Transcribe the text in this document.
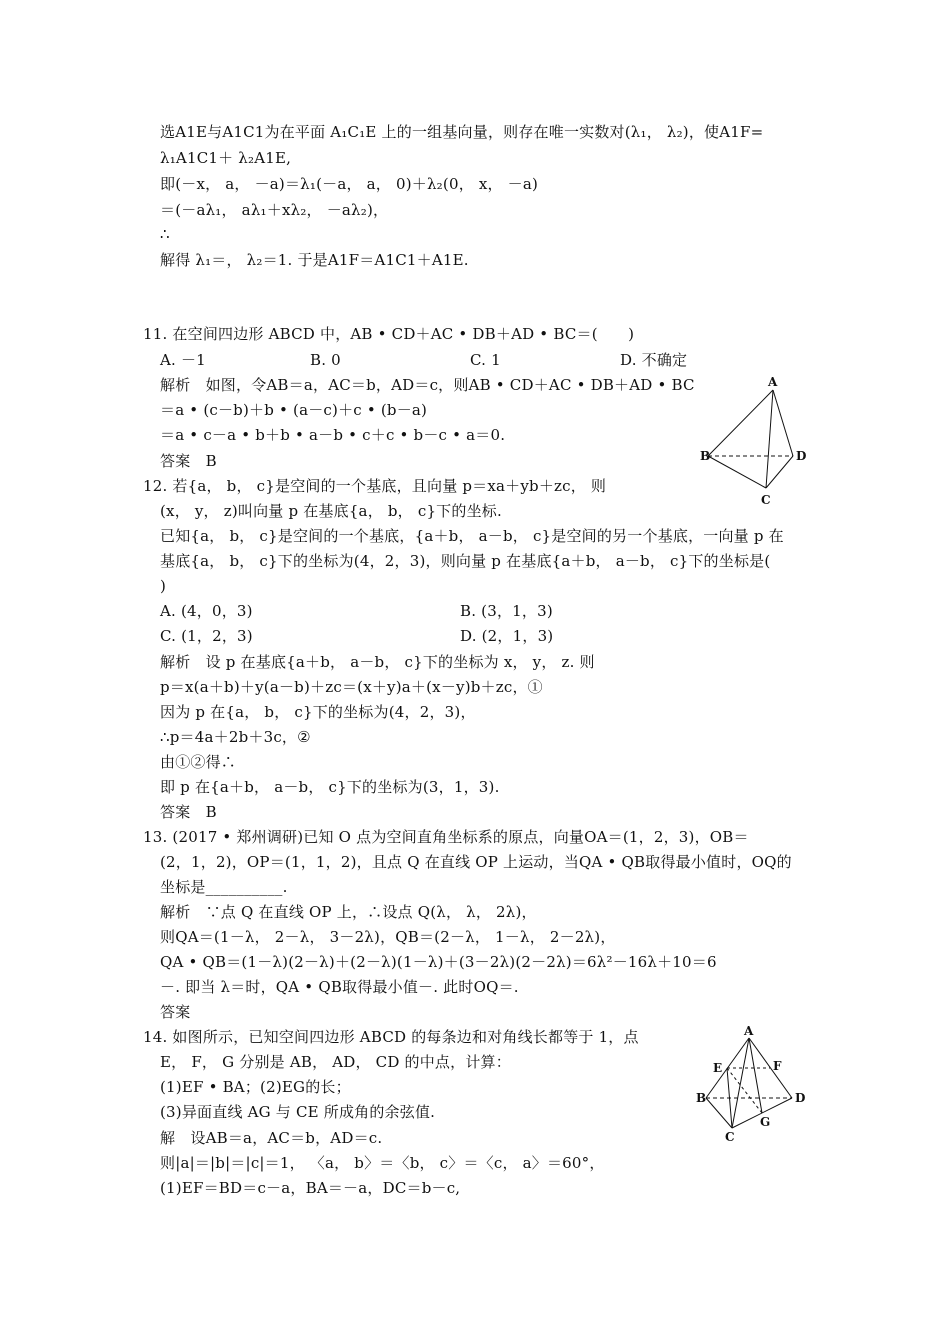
选A1E与A1C1为在平面 A₁C₁E 上的一组基向量，则存在唯一实数对(λ₁， λ₂)，使A1F=
λ₁A1C1＋ λ₂A1E,
即(－x， a， －a)＝λ₁(－a， a， 0)＋λ₂(0， x， －a)
＝(－aλ₁， aλ₁＋xλ₂， －aλ₂)，
∴
解得 λ₁＝， λ₂＝1. 于是A1F＝A1C1＋A1E.
11. 在空间四边形 ABCD 中，AB • CD＋AC • DB＋AD • BC＝(　　)
A. －1	B. 0	C. 1	D. 不确定
解析　如图，令AB＝a，AC＝b，AD＝c，则AB • CD＋AC • DB＋AD • BC
＝a • (c－b)＋b • (a－c)＋c • (b－a)
＝a • c－a • b＋b • a－b • c＋c • b－c • a＝0.
答案　B
A
B
C
D
12. 若{a， b， c}是空间的一个基底，且向量 p＝xa＋yb＋zc， 则
(x， y， z)叫向量 p 在基底{a， b， c}下的坐标.
已知{a， b， c}是空间的一个基底，{a＋b， a－b， c}是空间的另一个基底，一向量 p 在
基底{a， b， c}下的坐标为(4，2，3)，则向量 p 在基底{a＋b， a－b， c}下的坐标是(
)
A. (4，0，3)	B. (3，1，3)
C. (1，2，3)	D. (2，1，3)
解析　设 p 在基底{a＋b， a－b， c}下的坐标为 x， y， z. 则
p＝x(a＋b)＋y(a－b)＋zc＝(x＋y)a＋(x－y)b＋zc，①
因为 p 在{a， b， c}下的坐标为(4，2，3)，
∴p＝4a＋2b＋3c，②
由①②得∴
即 p 在{a＋b， a－b， c}下的坐标为(3，1，3).
答案　B
13. (2017 • 郑州调研)已知 O 点为空间直角坐标系的原点，向量OA＝(1，2，3)，OB＝
(2，1，2)，OP＝(1，1，2)，且点 Q 在直线 OP 上运动，当QA • QB取得最小值时，OQ的
坐标是__________.
解析　∵点 Q 在直线 OP 上，∴设点 Q(λ， λ， 2λ)，
则QA＝(1－λ， 2－λ， 3－2λ)，QB＝(2－λ， 1－λ， 2－2λ)，
QA • QB＝(1－λ)(2－λ)＋(2－λ)(1－λ)＋(3－2λ)(2－2λ)＝6λ²－16λ＋10＝6
－. 即当 λ＝时，QA • QB取得最小值－. 此时OQ＝.
答案
14. 如图所示，已知空间四边形 ABCD 的每条边和对角线长都等于 1，点
E， F， G 分别是 AB， AD， CD 的中点，计算：
(1)EF • BA；(2)EG的长；
(3)异面直线 AG 与 CE 所成角的余弦值.
解　设AB＝a，AC＝b，AD＝c.
则|a|＝|b|＝|c|＝1， 〈a， b〉＝〈b， c〉＝〈c， a〉＝60°，
(1)EF＝BD＝c－a，BA＝－a，DC＝b－c,
A
B
C
D
E	F
G
